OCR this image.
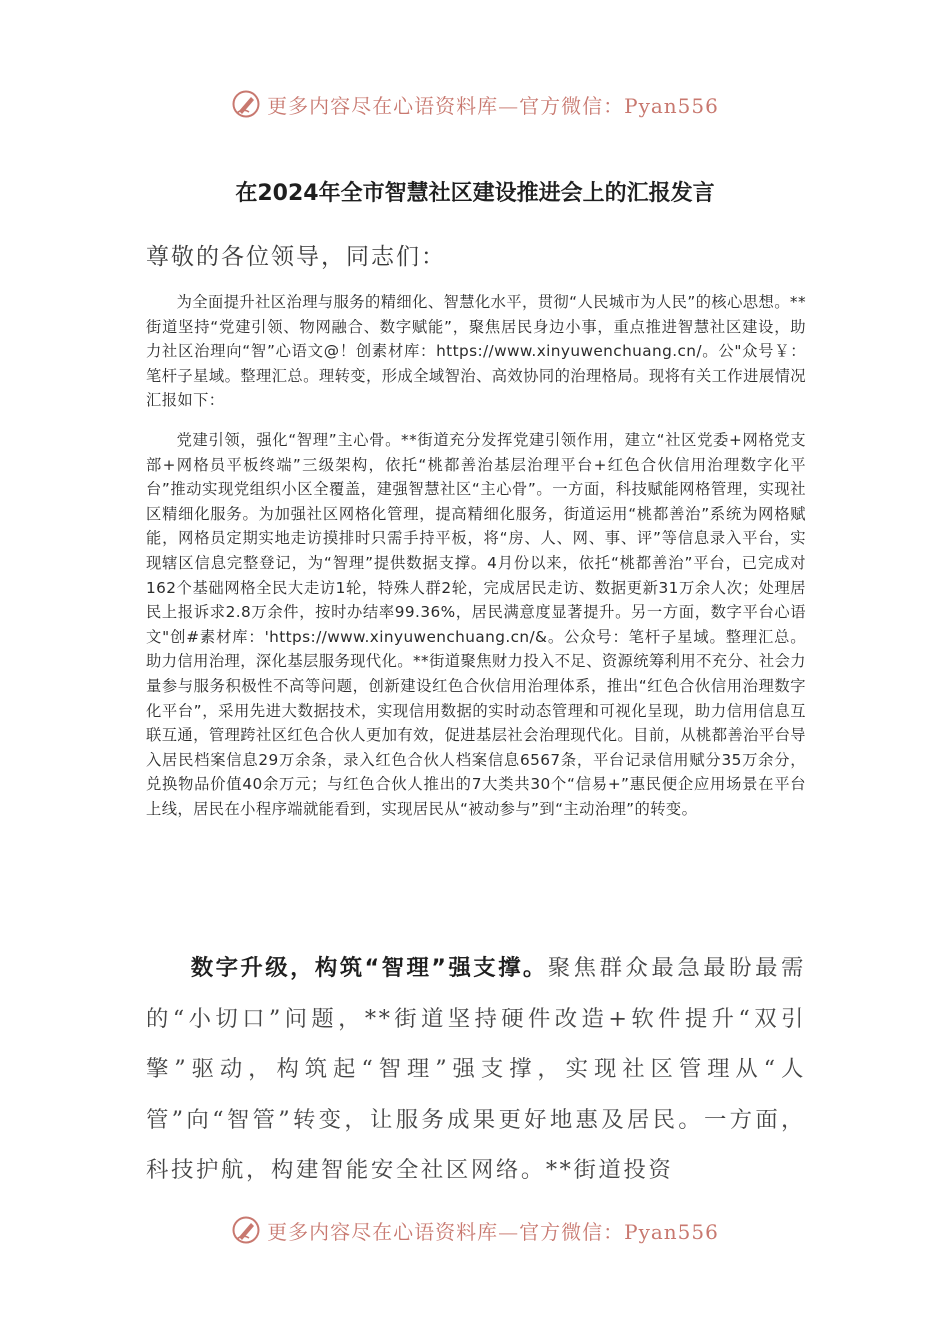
更多内容尽在心语资料库—官方微信：Pyan556
在2024年全市智慧社区建设推进会上的汇报发言
尊敬的各位领导，同志们：

为全面提升社区治理与服务的精细化、智慧化水平，贯彻“人民城市为人民”的核心思想。**街道坚持“党建引领、物网融合、数字赋能”，聚焦居民身边小事，重点推进智慧社区建设，助力社区治理向“智”心语文@！创素材库：https://www.xinyuwenchuang.cn/。公"众号￥：笔杆子星域。整理汇总。理转变，形成全域智治、高效协同的治理格局。现将有关工作进展情况汇报如下：

党建引领，强化“智理”主心骨。**街道充分发挥党建引领作用，建立“社区党委+网格党支部+网格员平板终端”三级架构，依托“桃都善治基层治理平台+红色合伙信用治理数字化平台”推动实现党组织小区全覆盖，建强智慧社区“主心骨”。一方面，科技赋能网格管理，实现社区精细化服务。为加强社区网格化管理，提高精细化服务，街道运用“桃都善治”系统为网格赋能，网格员定期实地走访摸排时只需手持平板，将“房、人、网、事、评”等信息录入平台，实现辖区信息完整登记，为“智理”提供数据支撑。4月份以来，依托“桃都善治”平台，已完成对162个基础网格全民大走访1轮，特殊人群2轮，完成居民走访、数据更新31万余人次；处理居民上报诉求2.8万余件，按时办结率99.36%，居民满意度显著提升。另一方面，数字平台心语文"创#素材库：'https://www.xinyuwenchuang.cn/&。公众号：笔杆子星域。整理汇总。助力信用治理，深化基层服务现代化。**街道聚焦财力投入不足、资源统筹利用不充分、社会力量参与服务积极性不高等问题，创新建设红色合伙信用治理体系，推出“红色合伙信用治理数字化平台”，采用先进大数据技术，实现信用数据的实时动态管理和可视化呈现，助力信用信息互联互通，管理跨社区红色合伙人更加有效，促进基层社会治理现代化。目前，从桃都善治平台导入居民档案信息29万余条，录入红色合伙人档案信息6567条，平台记录信用赋分35万余分，兑换物品价值40余万元；与红色合伙人推出的7大类共30个“信易+”惠民便企应用场景在平台上线，居民在小程序端就能看到，实现居民从“被动参与”到“主动治理”的转变。

数字升级，构筑“智理”强支撑。聚焦群众最急最盼最需的“小切口”问题，**街道坚持硬件改造+软件提升“双引擎”驱动，构筑起“智理”强支撑，实现社区管理从“人管”向“智管”转变，让服务成果更好地惠及居民。一方面，科技护航，构建智能安全社区网络。**街道投资

更多内容尽在心语资料库—官方微信：Pyan556
